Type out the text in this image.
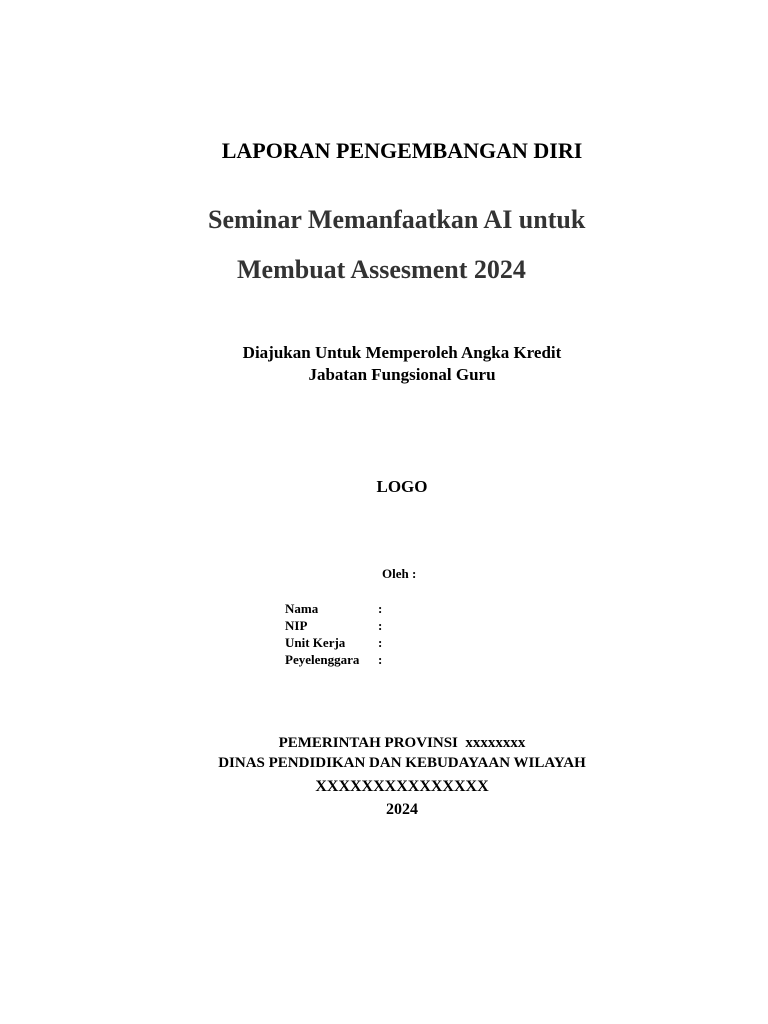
LAPORAN PENGEMBANGAN DIRI
Seminar Memanfaatkan AI untuk
Membuat Assesment 2024
Diajukan Untuk Memperoleh Angka Kredit
Jabatan Fungsional Guru
LOGO
Oleh :
Nama	:
NIP	:
Unit Kerja	:
Peyelenggara	:
PEMERINTAH PROVINSI  xxxxxxxx
DINAS PENDIDIKAN DAN KEBUDAYAAN WILAYAH
XXXXXXXXXXXXXXX
2024
